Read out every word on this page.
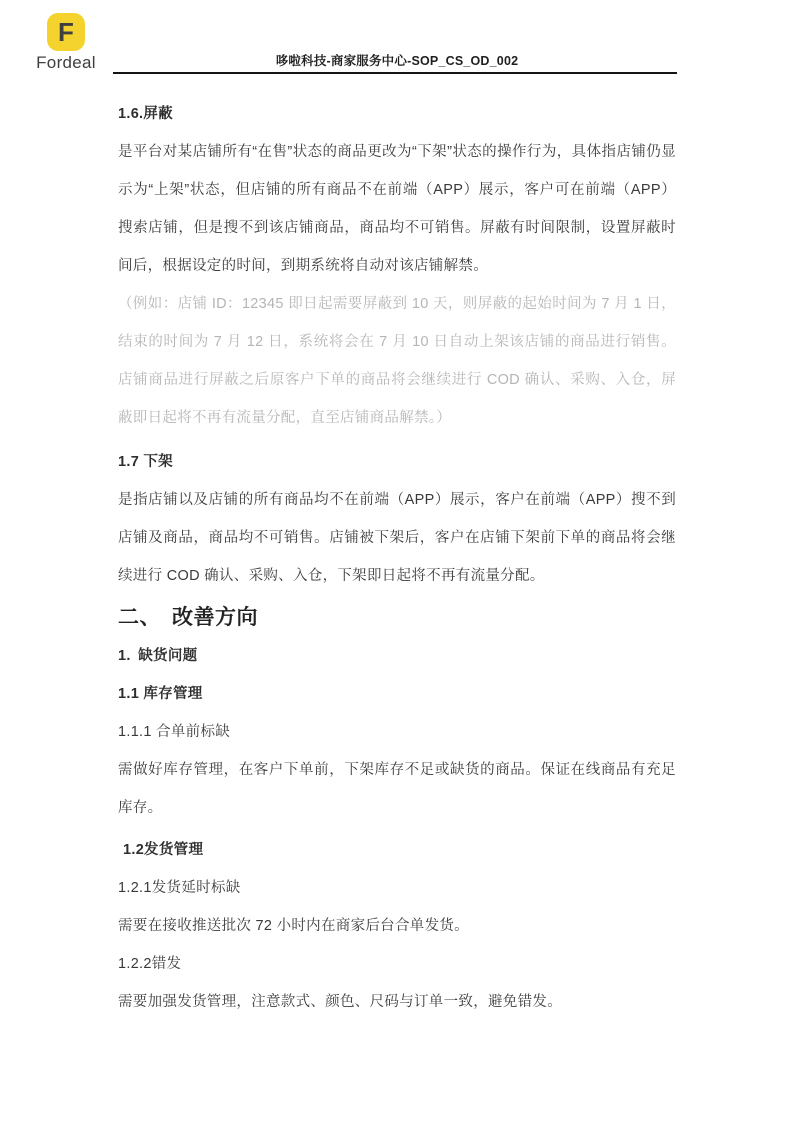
F
Fordeal	哆啦科技-商家服务中心-SOP_CS_OD_002
1.6.屏蔽
是平台对某店铺所有“在售”状态的商品更改为“下架”状态的操作行为，具体指店铺仍显示为“上架”状态，但店铺的所有商品不在前端（APP）展示，客户可在前端（APP）搜索店铺，但是搜不到该店铺商品，商品均不可销售。屏蔽有时间限制，设置屏蔽时间后，根据设定的时间，到期系统将自动对该店铺解禁。
（例如：店铺 ID：12345 即日起需要屏蔽到 10 天，则屏蔽的起始时间为 7 月 1 日，结束的时间为 7 月 12 日，系统将会在 7 月 10 日自动上架该店铺的商品进行销售。店铺商品进行屏蔽之后原客户下单的商品将会继续进行 COD 确认、采购、入仓，屏蔽即日起将不再有流量分配，直至店铺商品解禁。）
1.7 下架
是指店铺以及店铺的所有商品均不在前端（APP）展示，客户在前端（APP）搜不到店铺及商品，商品均不可销售。店铺被下架后，客户在店铺下架前下单的商品将会继续进行 COD 确认、采购、入仓，下架即日起将不再有流量分配。
二、 改善方向
1. 缺货问题
1.1 库存管理
1.1.1 合单前标缺
需做好库存管理，在客户下单前，下架库存不足或缺货的商品。保证在线商品有充足库存。
1.2发货管理
1.2.1发货延时标缺
需要在接收推送批次 72 小时内在商家后台合单发货。
1.2.2错发
需要加强发货管理，注意款式、颜色、尺码与订单一致，避免错发。
